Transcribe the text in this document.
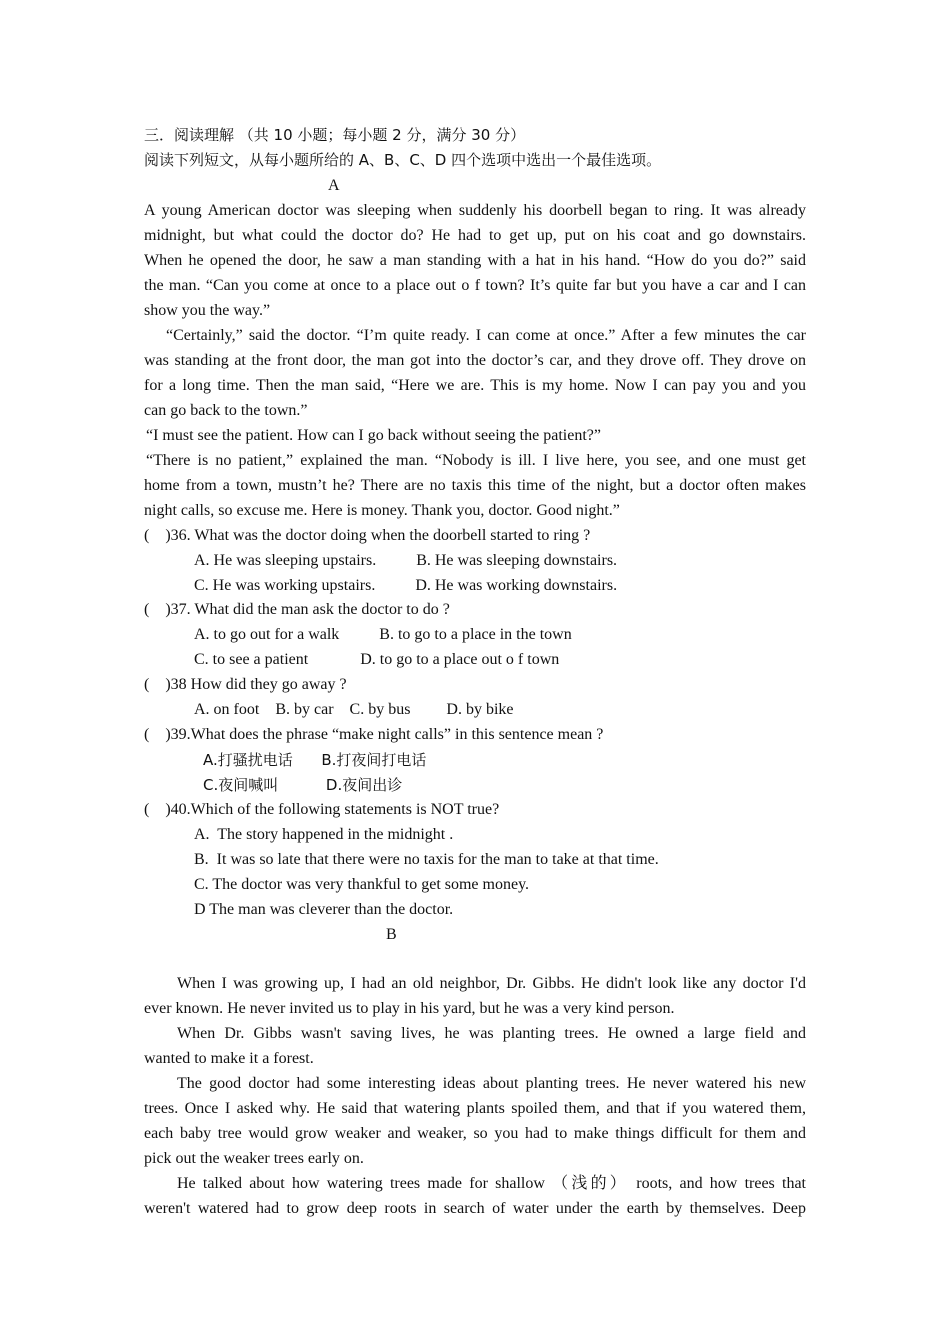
三．阅读理解 （共 10 小题；每小题 2 分，满分 30 分）
阅读下列短文，从每小题所给的 A、B、C、D 四个选项中选出一个最佳选项。
A
A young American doctor was sleeping when suddenly his doorbell began to ring. It was already
midnight, but what could the doctor do? He had to get up, put on his coat and go downstairs.
When he opened the door, he saw a man standing with a hat in his hand. “How do you do?” said
the man. “Can you come at once to a place out o f town? It’s quite far but you have a car and I can
show you the way.”
“Certainly,” said the doctor. “I’m quite ready. I can come at once.” After a few minutes the car
was standing at the front door, the man got into the doctor’s car, and they drove off. They drove on
for a long time. Then the man said, “Here we are. This is my home. Now I can pay you and you
can go back to the town.”
“I must see the patient. How can I go back without seeing the patient?”
“There is no patient,” explained the man. “Nobody is ill. I live here, you see, and one must get
home from a town, mustn’t he? There are no taxis this time of the night, but a doctor often makes
night calls, so excuse me. Here is money. Thank you, doctor. Good night.”
(    )36. What was the doctor doing when the doorbell started to ring ?
A. He was sleeping upstairs.          B. He was sleeping downstairs.
C. He was working upstairs.          D. He was working downstairs.
(    )37. What did the man ask the doctor to do ?
A. to go out for a walk          B. to go to a place in the town
C. to see a patient             D. to go to a place out o f town
(    )38 How did they go away ?
A. on foot    B. by car    C. by bus         D. by bike
(    )39.What does the phrase “make night calls” in this sentence mean ?
A.打骚扰电话      B.打夜间打电话
C.夜间喊叫          D.夜间出诊
(    )40.Which of the following statements is NOT true?
A.  The story happened in the midnight .
B.  It was so late that there were no taxis for the man to take at that time.
C. The doctor was very thankful to get some money.
D The man was cleverer than the doctor.
B
When I was growing up, I had an old neighbor, Dr. Gibbs. He didn't look like any doctor I'd
ever known. He never invited us to play in his yard, but he was a very kind person.
When Dr. Gibbs wasn't saving lives, he was planting trees. He owned a large field and
wanted to make it a forest.
The good doctor had some interesting ideas about planting trees. He never watered his new
trees. Once I asked why. He said that watering plants spoiled them, and that if you watered them,
each baby tree would grow weaker and weaker, so you had to make things difficult for them and
pick out the weaker trees early on.
He talked about how watering trees made for shallow （浅的） roots, and how trees that
weren't watered had to grow deep roots in search of water under the earth by themselves. Deep
